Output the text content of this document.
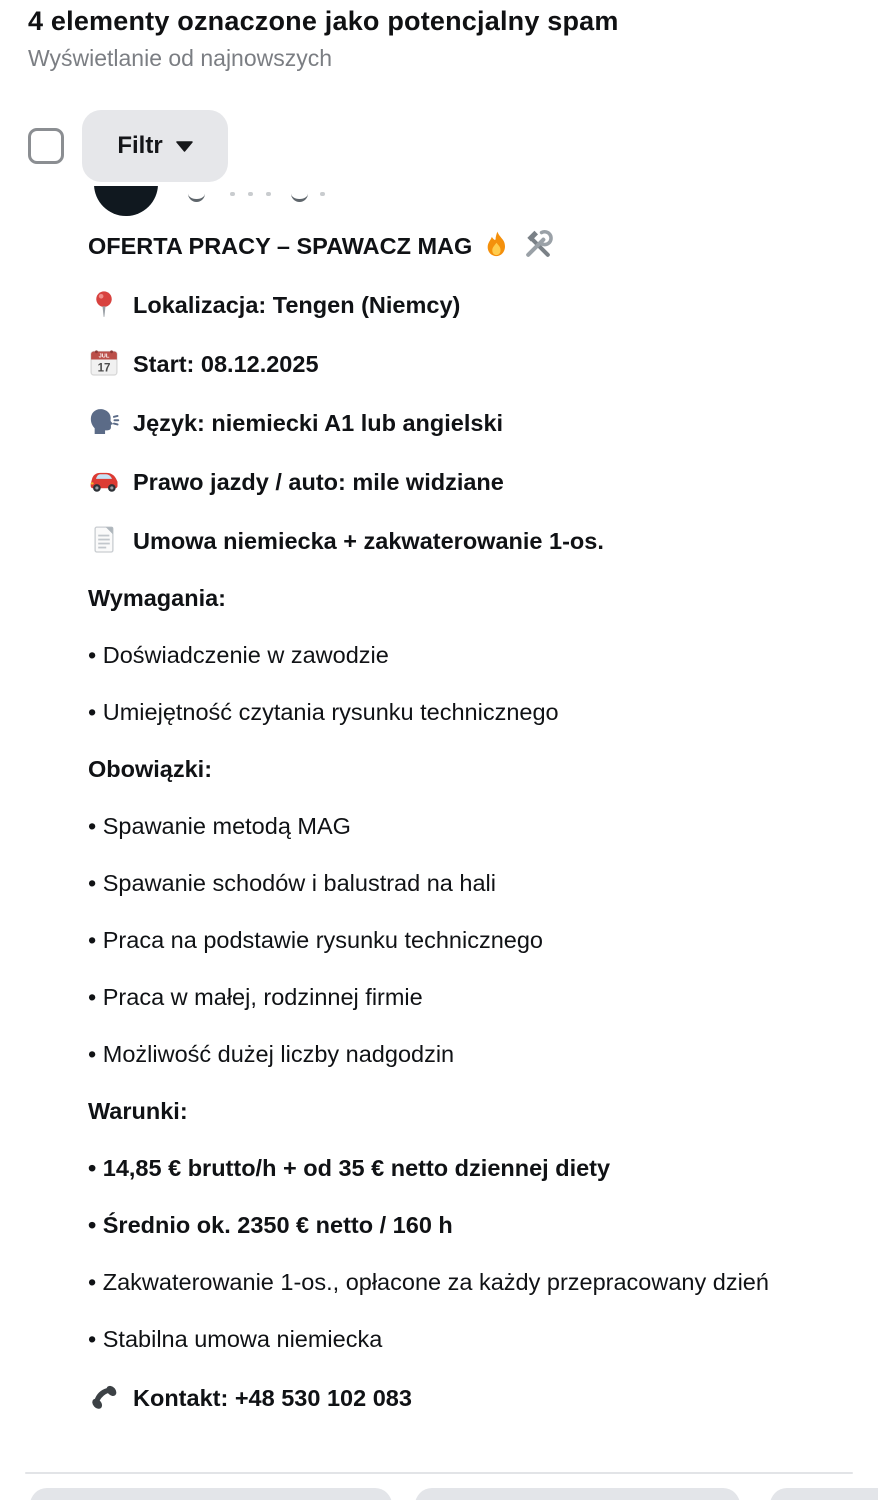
4 elementy oznaczone jako potencjalny spam
Wyświetlanie od najnowszych
Filtr

OFERTA PRACY – SPAWACZ MAG

Lokalizacja: Tengen (Niemcy)

JUL
17 Start: 08.12.2025

Język: niemiecki A1 lub angielski

Prawo jazdy / auto: mile widziane

Umowa niemiecka + zakwaterowanie 1-os.

Wymagania:

• Doświadczenie w zawodzie

• Umiejętność czytania rysunku technicznego

Obowiązki:

• Spawanie metodą MAG

• Spawanie schodów i balustrad na hali

• Praca na podstawie rysunku technicznego

• Praca w małej, rodzinnej firmie

• Możliwość dużej liczby nadgodzin

Warunki:

• 14,85 € brutto/h + od 35 € netto dziennej diety

• Średnio ok. 2350 € netto / 160 h

• Zakwaterowanie 1-os., opłacone za każdy przepracowany dzień

• Stabilna umowa niemiecka

Kontakt: +48 530 102 083
